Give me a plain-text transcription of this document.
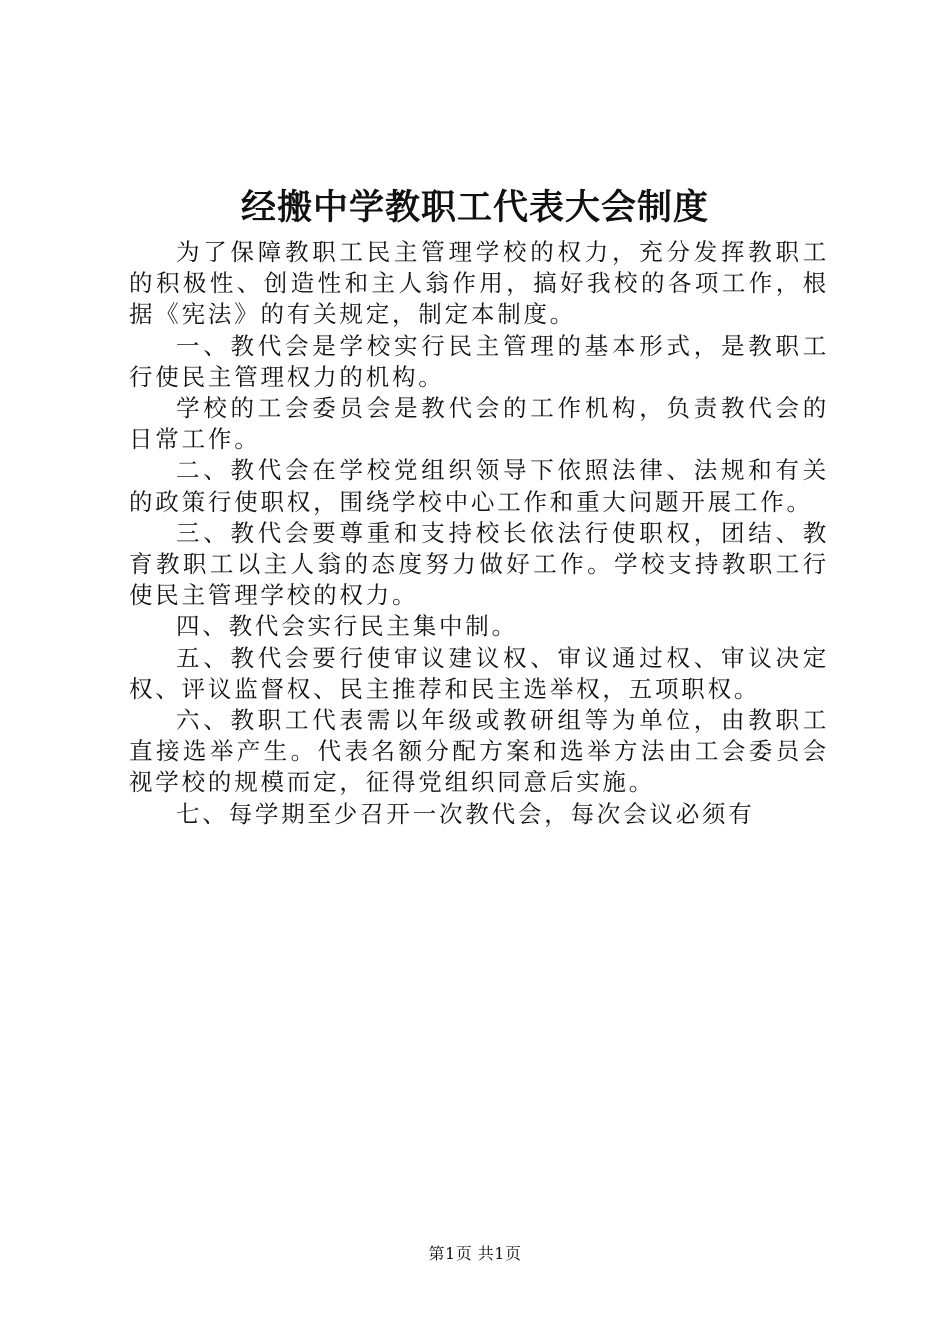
经搬中学教职工代表大会制度

为了保障教职工民主管理学校的权力，充分发挥教职工的积极性、创造性和主人翁作用，搞好我校的各项工作，根据《宪法》的有关规定，制定本制度。

一、教代会是学校实行民主管理的基本形式，是教职工行使民主管理权力的机构。

学校的工会委员会是教代会的工作机构，负责教代会的日常工作。

二、教代会在学校党组织领导下依照法律、法规和有关的政策行使职权，围绕学校中心工作和重大问题开展工作。

三、教代会要尊重和支持校长依法行使职权，团结、教育教职工以主人翁的态度努力做好工作。学校支持教职工行使民主管理学校的权力。

四、教代会实行民主集中制。

五、教代会要行使审议建议权、审议通过权、审议决定权、评议监督权、民主推荐和民主选举权，五项职权。

六、教职工代表需以年级或教研组等为单位，由教职工直接选举产生。代表名额分配方案和选举方法由工会委员会视学校的规模而定，征得党组织同意后实施。

七、每学期至少召开一次教代会，每次会议必须有

第1页 共1页
